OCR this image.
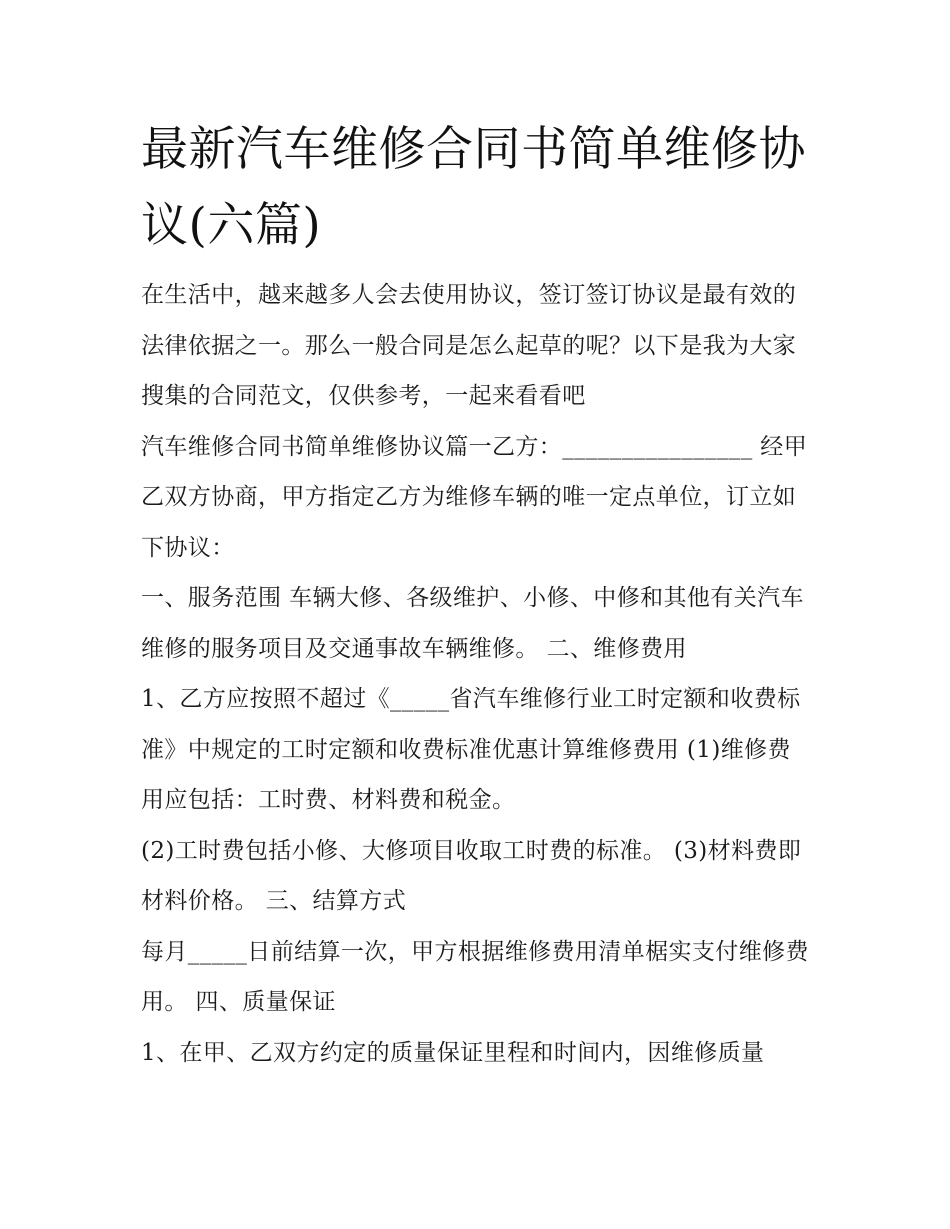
最新汽车维修合同书简单维修协议(六篇)

在生活中，越来越多人会去使用协议，签订签订协议是最有效的法律依据之一。那么一般合同是怎么起草的呢？以下是我为大家搜集的合同范文，仅供参考，一起来看看吧

汽车维修合同书简单维修协议篇一乙方：________________ 经甲乙双方协商，甲方指定乙方为维修车辆的唯一定点单位，订立如下协议：

一、服务范围 车辆大修、各级维护、小修、中修和其他有关汽车维修的服务项目及交通事故车辆维修。 二、维修费用

1、乙方应按照不超过《_____省汽车维修行业工时定额和收费标准》中规定的工时定额和收费标准优惠计算维修费用 (1)维修费用应包括：工时费、材料费和税金。

(2)工时费包括小修、大修项目收取工时费的标准。 (3)材料费即材料价格。 三、结算方式

每月_____日前结算一次，甲方根据维修费用清单椐实支付维修费用。 四、质量保证

1、在甲、乙双方约定的质量保证里程和时间内，因维修质量
